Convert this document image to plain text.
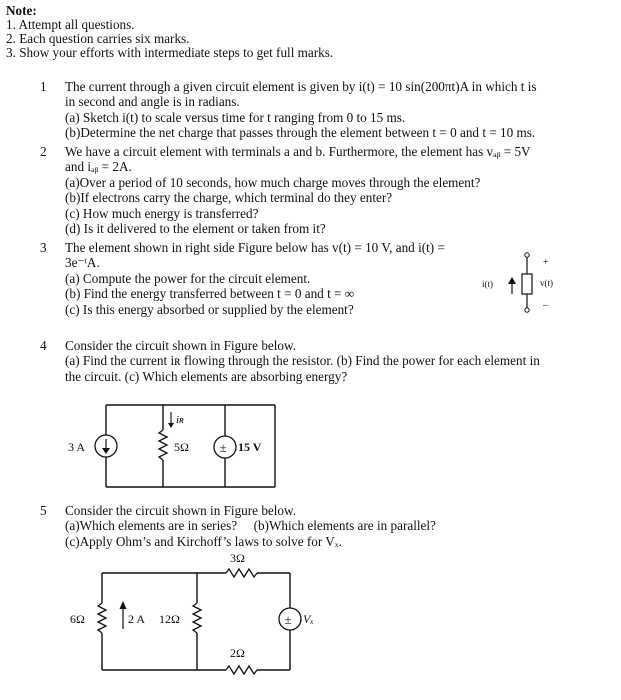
Note:
1. Attempt all questions.
2. Each question carries six marks.
3. Show your efforts with intermediate steps to get full marks.
1	The current through a given circuit element is given by i(t) = 10 sin(200πt)A in which t is
in second and angle is in radians.
(a) Sketch i(t) to scale versus time for t ranging from 0 to 15 ms.
(b)Determine the net charge that passes through the element between t = 0 and t = 10 ms.
2	We have a circuit element with terminals a and b. Furthermore, the element has vₐᵦ = 5V
and iₐᵦ = 2A.
(a)Over a period of 10 seconds, how much charge moves through the element?
(b)If electrons carry the charge, which terminal do they enter?
(c) How much energy is transferred?
(d) Is it delivered to the element or taken from it?
3	The element shown in right side Figure below has v(t) = 10 V, and i(t) =
3e⁻ᵗA.
(a) Compute the power for the circuit element.
(b) Find the energy transferred between t = 0 and t = ∞
(c) Is this energy absorbed or supplied by the element?
i(t)
+
v(t)
–
4	Consider the circuit shown in Figure below.
(a) Find the current iʀ flowing through the resistor. (b) Find the power for each element in
the circuit. (c) Which elements are absorbing energy?
3 A
iʀ
5Ω ± 15 V
5	Consider the circuit shown in Figure below.
(a)Which elements are in series?     (b)Which elements are in parallel?
(c)Apply Ohm’s and Kirchoff’s laws to solve for Vₓ.
3Ω
2Ω
6Ω	2 A 12Ω	± Vₓ
